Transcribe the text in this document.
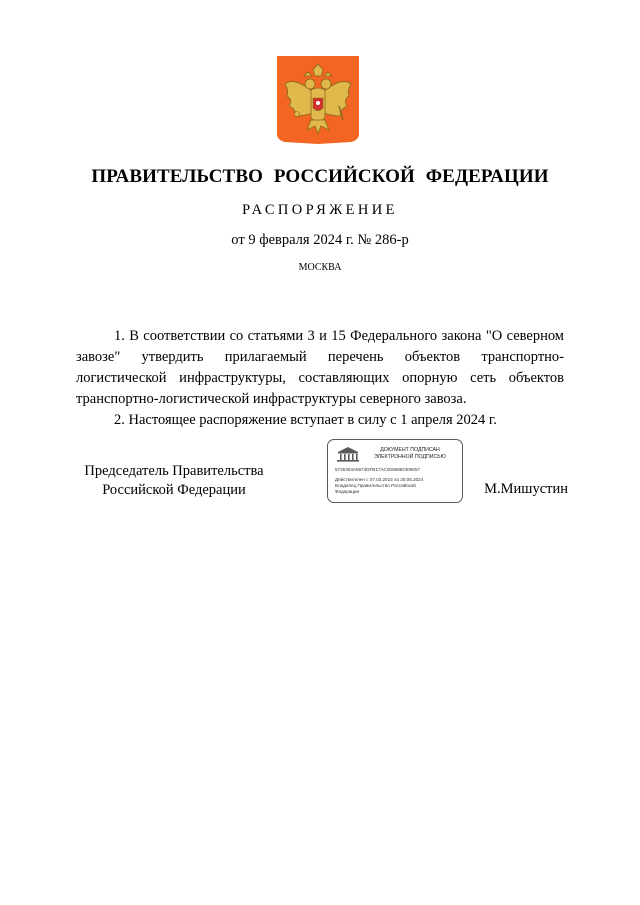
ПРАВИТЕЛЬСТВО РОССИЙСКОЙ ФЕДЕРАЦИИ
РАСПОРЯЖЕНИЕ
от 9 февраля 2024 г. № 286-р
МОСКВА

1. В соответствии со статьями 3 и 15 Федерального закона "О северном завозе" утвердить прилагаемый перечень объектов транспортно-логистической инфраструктуры, составляющих опорную сеть объектов транспортно-логистической инфраструктуры северного завоза.

2. Настоящее распоряжение вступает в силу с 1 апреля 2024 г.

Председатель Правительства
Российской Федерации
ДОКУМЕНТ ПОДПИСАН
ЭЛЕКТРОННОЙ ПОДПИСЬЮ
5725303A6974DFB17AC0008982309057
Действителен с 07.03.2023 по 30.05.2024
Владелец Правительство Российской
Федерации	М.Мишустин
